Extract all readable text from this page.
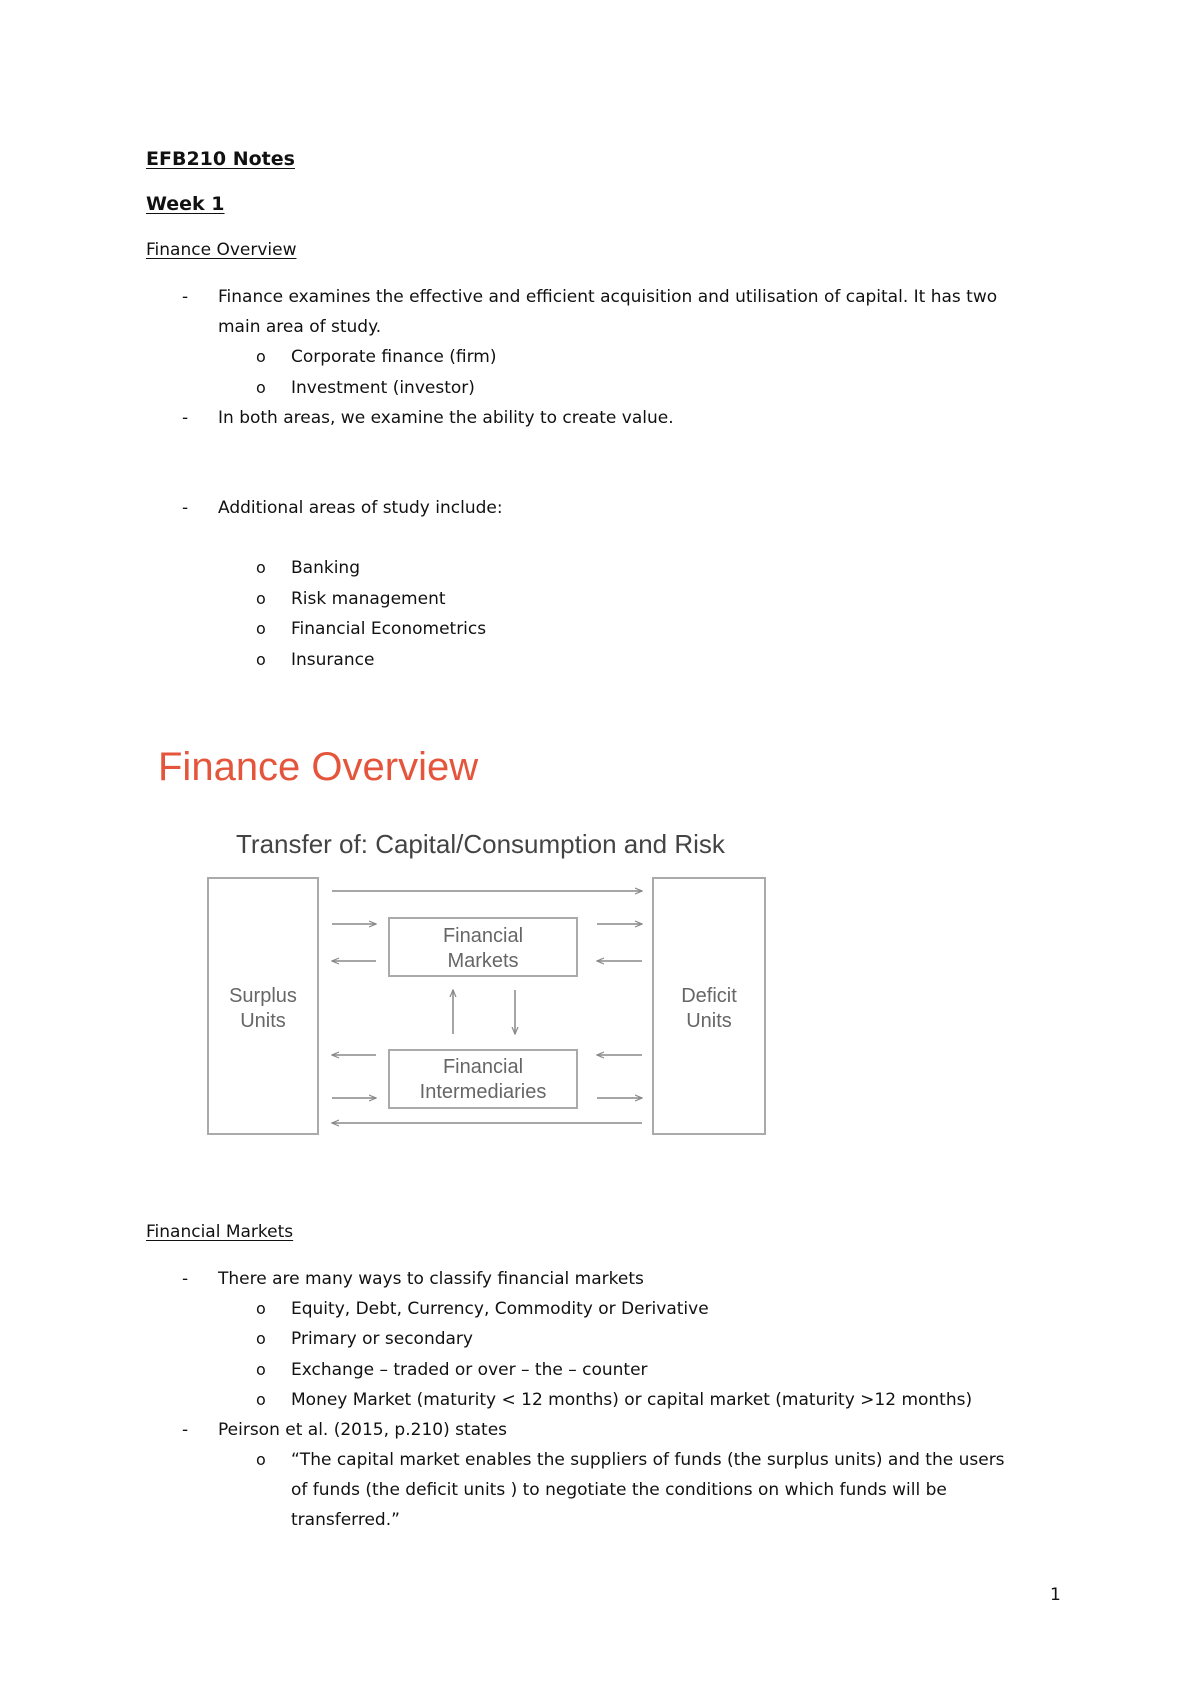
EFB210 Notes

Week 1

Finance Overview

- Finance examines the effective and efficient acquisition and utilisation of capital. It has two

main area of study.

o Corporate finance (firm)

o Investment (investor)

- In both areas, we examine the ability to create value.

- Additional areas of study include:

o Banking

o Risk management

o Financial Econometrics

o Insurance

Finance Overview

Transfer of: Capital/Consumption and Risk

Surplus
Units
Deficit
Units
Financial
Markets
Financial
Intermediaries

Financial Markets

- There are many ways to classify financial markets

o Equity, Debt, Currency, Commodity or Derivative

o Primary or secondary

o Exchange – traded or over – the – counter

o Money Market (maturity < 12 months) or capital market (maturity >12 months)

- Peirson et al. (2015, p.210) states

o “The capital market enables the suppliers of funds (the surplus units) and the users

of funds (the deficit units ) to negotiate the conditions on which funds will be

transferred.”

1
